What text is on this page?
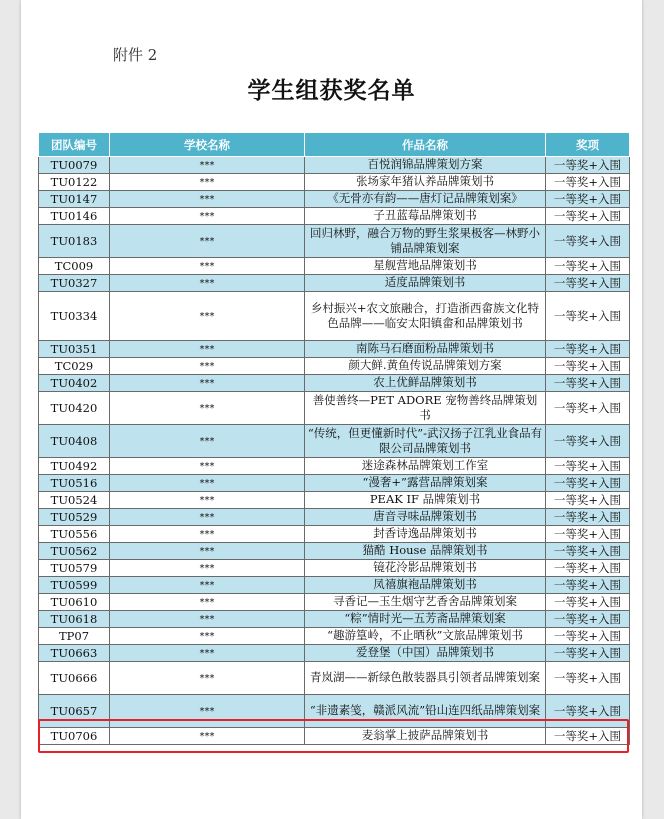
附件 2
学生组获奖名单
团队编号	学校名称	作品名称	奖项
TU0079	***	百悦润锦品牌策划方案	一等奖+入围
TU0122	***	张场家年猪认养品牌策划书	一等奖+入围
TU0147	***	《无骨亦有韵——唐灯记品牌策划案》	一等奖+入围
TU0146	***	子丑蓝莓品牌策划书	一等奖+入围
TU0183	***	回归林野，融合万物的野生浆果极客—林野小铺品牌策划案	一等奖+入围
TC009	***	星舰营地品牌策划书	一等奖+入围
TU0327	***	适度品牌策划书	一等奖+入围
TU0334	***	乡村振兴+农文旅融合，打造浙西畲族文化特色品牌——临安太阳镇畲和品牌策划书	一等奖+入围
TU0351	***	南陈马石磨面粉品牌策划书	一等奖+入围
TC029	***	颜大鲜.黄鱼传说品牌策划方案	一等奖+入围
TU0402	***	农上优鲜品牌策划书	一等奖+入围
TU0420	***	善使善终—PET ADORE 宠物善终品牌策划书	一等奖+入围
TU0408	***	“传统，但更懂新时代”-武汉扬子江乳业食品有限公司品牌策划书	一等奖+入围
TU0492	***	迷途森林品牌策划工作室	一等奖+入围
TU0516	***	“漫奢+”露营品牌策划案	一等奖+入围
TU0524	***	PEAK IF 品牌策划书	一等奖+入围
TU0529	***	唐音寻味品牌策划书	一等奖+入围
TU0556	***	封香诗逸品牌策划书	一等奖+入围
TU0562	***	猫酷 House 品牌策划书	一等奖+入围
TU0579	***	镜花泠影品牌策划书	一等奖+入围
TU0599	***	凤禧旗袍品牌策划书	一等奖+入围
TU0610	***	寻香记—玉生烟守艺香舍品牌策划案	一等奖+入围
TU0618	***	“粽”情时光—五芳斋品牌策划案	一等奖+入围
TP07	***	“趣游篁岭，不止晒秋”文旅品牌策划书	一等奖+入围
TU0663	***	爱登堡（中国）品牌策划书	一等奖+入围
TU0666	***	青岚湖——新绿色散装器具引领者品牌策划案	一等奖+入围
TU0657	***	“非遗素笺，赣派风流”铅山连四纸品牌策划案	一等奖+入围
TU0706	***	麦翁掌上披萨品牌策划书	一等奖+入围
